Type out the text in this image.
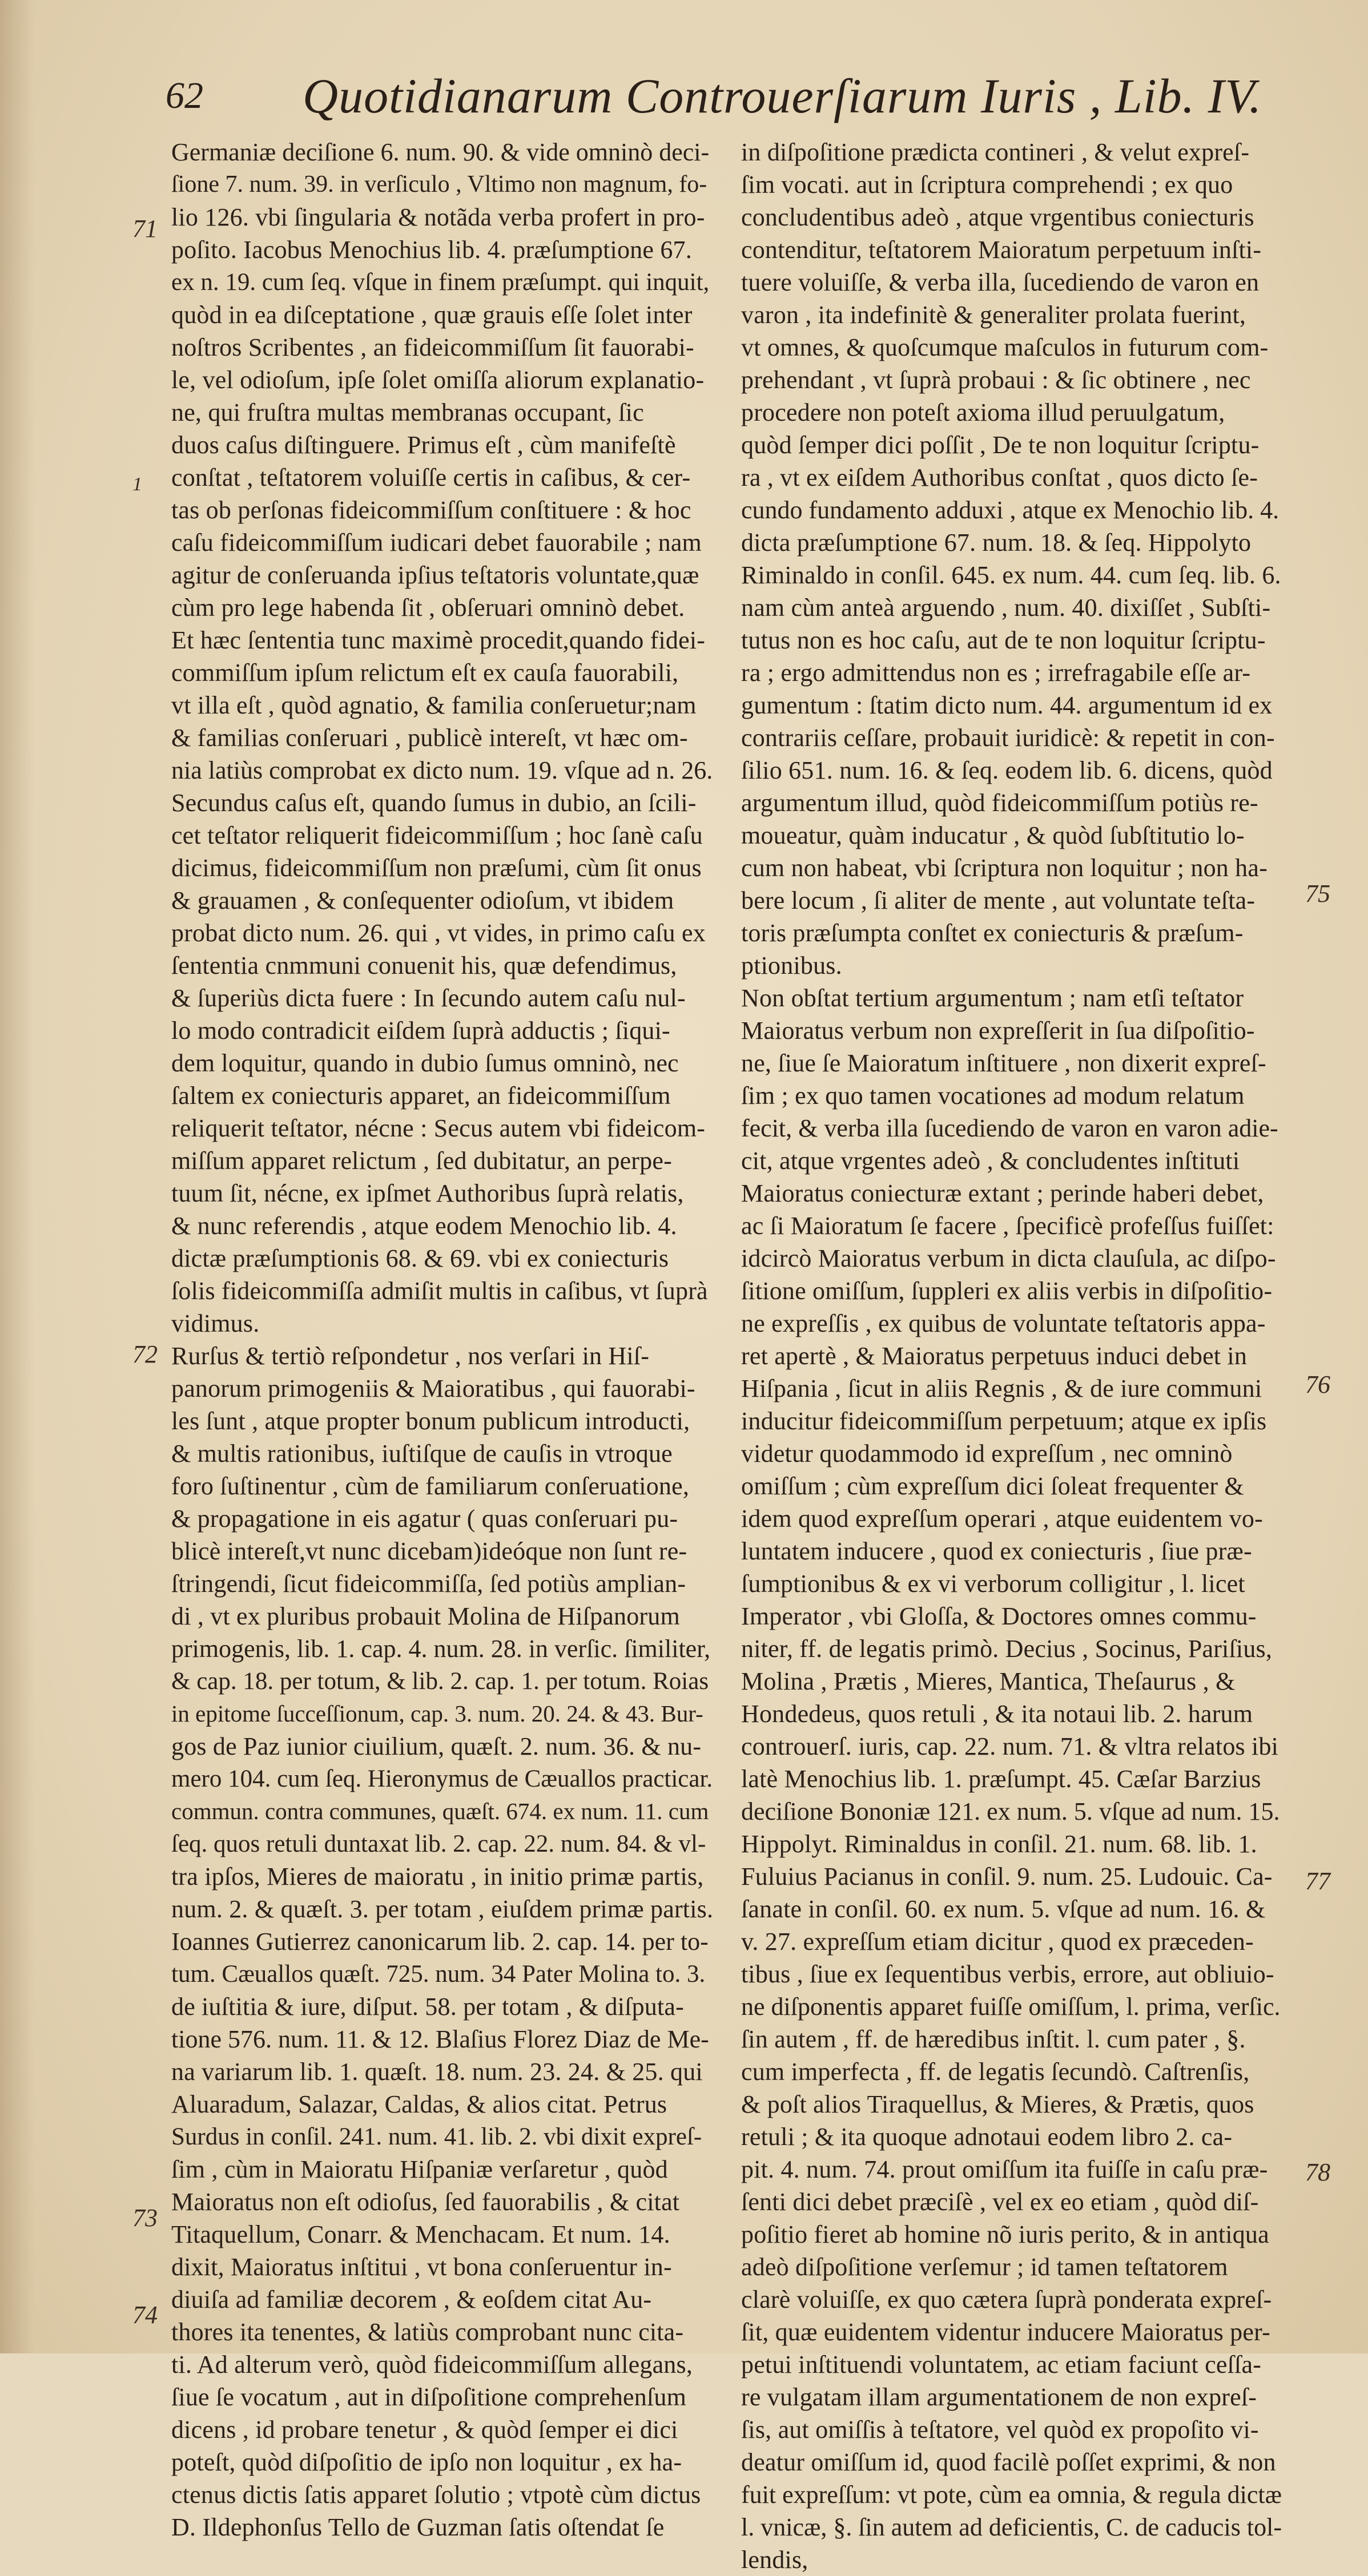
62 Quotidianarum Controuerſiarum Iuris , Lib. IV.
Germaniæ deciſione 6. num. 90. & vide omninò deci-
ſione 7. num. 39. in verſiculo , Vltimo non magnum, fo-
lio 126. vbi ſingularia & notãda verba profert in pro-
poſito. Iacobus Menochius lib. 4. præſumptione 67.
ex n. 19. cum ſeq. vſque in finem præſumpt. qui inquit,
quòd in ea diſceptatione , quæ grauis eſſe ſolet inter
noſtros Scribentes , an fideicommiſſum ſit fauorabi-
le, vel odioſum, ipſe ſolet omiſſa aliorum explanatio-
ne, qui fruſtra multas membranas occupant, ſic
duos caſus diſtinguere. Primus eſt , cùm manifeſtè
conſtat , teſtatorem voluiſſe certis in caſibus, & cer-
tas ob perſonas fideicommiſſum conſtituere : & hoc
caſu fideicommiſſum iudicari debet fauorabile ; nam
agitur de conſeruanda ipſius teſtatoris voluntate,quæ
cùm pro lege habenda ſit , obſeruari omninò debet.
Et hæc ſententia tunc maximè procedit,quando fidei-
commiſſum ipſum relictum eſt ex cauſa fauorabili,
vt illa eſt , quòd agnatio, & familia conſeruetur;nam
& familias conſeruari , publicè intereſt, vt hæc om-
nia latiùs comprobat ex dicto num. 19. vſque ad n. 26.
Secundus caſus eſt, quando ſumus in dubio, an ſcili-
cet teſtator reliquerit fideicommiſſum ; hoc ſanè caſu
dicimus, fideicommiſſum non præſumi, cùm ſit onus
& grauamen , & conſequenter odioſum, vt ibidem
probat dicto num. 26. qui , vt vides, in primo caſu ex
ſententia cnmmuni conuenit his, quæ defendimus,
& ſuperiùs dicta fuere : In ſecundo autem caſu nul-
lo modo contradicit eiſdem ſuprà adductis ; ſiqui-
dem loquitur, quando in dubio ſumus omninò, nec
ſaltem ex coniecturis apparet, an fideicommiſſum
reliquerit teſtator, nécne : Secus autem vbi fideicom-
miſſum apparet relictum , ſed dubitatur, an perpe-
tuum ſit, nécne, ex ipſmet Authoribus ſuprà relatis,
& nunc referendis , atque eodem Menochio lib. 4.
dictæ præſumptionis 68. & 69. vbi ex coniecturis
ſolis fideicommiſſa admiſit multis in caſibus, vt ſuprà
vidimus.
Rurſus & tertiò reſpondetur , nos verſari in Hiſ-
panorum primogeniis & Maioratibus , qui fauorabi-
les ſunt , atque propter bonum publicum introducti,
& multis rationibus, iuſtiſque de cauſis in vtroque
foro ſuſtinentur , cùm de familiarum conſeruatione,
& propagatione in eis agatur ( quas conſeruari pu-
blicè intereſt,vt nunc dicebam)ideóque non ſunt re-
ſtringendi, ſicut fideicommiſſa, ſed potiùs amplian-
di , vt ex pluribus probauit Molina de Hiſpanorum
primogenis, lib. 1. cap. 4. num. 28. in verſic. ſimiliter,
& cap. 18. per totum, & lib. 2. cap. 1. per totum. Roias
in epitome ſucceſſionum, cap. 3. num. 20. 24. & 43. Bur-
gos de Paz iunior ciuilium, quæſt. 2. num. 36. & nu-
mero 104. cum ſeq. Hieronymus de Cæuallos practicar.
commun. contra communes, quæſt. 674. ex num. 11. cum
ſeq. quos retuli duntaxat lib. 2. cap. 22. num. 84. & vl-
tra ipſos, Mieres de maioratu , in initio primæ partis,
num. 2. & quæſt. 3. per totam , eiuſdem primæ partis.
Ioannes Gutierrez canonicarum lib. 2. cap. 14. per to-
tum. Cæuallos quæſt. 725. num. 34 Pater Molina to. 3.
de iuſtitia & iure, diſput. 58. per totam , & diſputa-
tione 576. num. 11. & 12. Blaſius Florez Diaz de Me-
na variarum lib. 1. quæſt. 18. num. 23. 24. & 25. qui
Aluaradum, Salazar, Caldas, & alios citat. Petrus
Surdus in conſil. 241. num. 41. lib. 2. vbi dixit expreſ-
ſim , cùm in Maioratu Hiſpaniæ verſaretur , quòd
Maioratus non eſt odioſus, ſed fauorabilis , & citat
Titaquellum, Conarr. & Menchacam. Et num. 14.
dixit, Maioratus inſtitui , vt bona conſeruentur in-
diuiſa ad familiæ decorem , & eoſdem citat Au-
thores ita tenentes, & latiùs comprobant nunc cita-
ti. Ad alterum verò, quòd fideicommiſſum allegans,
ſiue ſe vocatum , aut in diſpoſitione comprehenſum
dicens , id probare tenetur , & quòd ſemper ei dici
poteſt, quòd diſpoſitio de ipſo non loquitur , ex ha-
ctenus dictis ſatis apparet ſolutio ; vtpotè cùm dictus
D. Ildephonſus Tello de Guzman ſatis oſtendat ſe
in diſpoſitione prædicta contineri , & velut expreſ-
ſim vocati. aut in ſcriptura comprehendi ; ex quo
concludentibus adeò , atque vrgentibus coniecturis
contenditur, teſtatorem Maioratum perpetuum inſti-
tuere voluiſſe, & verba illa, ſucediendo de varon en
varon , ita indefinitè & generaliter prolata fuerint,
vt omnes, & quoſcumque maſculos in futurum com-
prehendant , vt ſuprà probaui : & ſic obtinere , nec
procedere non poteſt axioma illud peruulgatum,
quòd ſemper dici poſſit , De te non loquitur ſcriptu-
ra , vt ex eiſdem Authoribus conſtat , quos dicto ſe-
cundo fundamento adduxi , atque ex Menochio lib. 4.
dicta præſumptione 67. num. 18. & ſeq. Hippolyto
Riminaldo in conſil. 645. ex num. 44. cum ſeq. lib. 6.
nam cùm anteà arguendo , num. 40. dixiſſet , Subſti-
tutus non es hoc caſu, aut de te non loquitur ſcriptu-
ra ; ergo admittendus non es ; irrefragabile eſſe ar-
gumentum : ſtatim dicto num. 44. argumentum id ex
contrariis ceſſare, probauit iuridicè: & repetit in con-
ſilio 651. num. 16. & ſeq. eodem lib. 6. dicens, quòd
argumentum illud, quòd fideicommiſſum potiùs re-
moueatur, quàm inducatur , & quòd ſubſtitutio lo-
cum non habeat, vbi ſcriptura non loquitur ; non ha-
bere locum , ſi aliter de mente , aut voluntate teſta-
toris præſumpta conſtet ex coniecturis & præſum-
ptionibus.
Non obſtat tertium argumentum ; nam etſi teſtator
Maioratus verbum non expreſſerit in ſua diſpoſitio-
ne, ſiue ſe Maioratum inſtituere , non dixerit expreſ-
ſim ; ex quo tamen vocationes ad modum relatum
fecit, & verba illa ſucediendo de varon en varon adie-
cit, atque vrgentes adeò , & concludentes inſtituti
Maioratus coniecturæ extant ; perinde haberi debet,
ac ſi Maioratum ſe facere , ſpecificè profeſſus fuiſſet:
idcircò Maioratus verbum in dicta clauſula, ac diſpo-
ſitione omiſſum, ſuppleri ex aliis verbis in diſpoſitio-
ne expreſſis , ex quibus de voluntate teſtatoris appa-
ret apertè , & Maioratus perpetuus induci debet in
Hiſpania , ſicut in aliis Regnis , & de iure communi
inducitur fideicommiſſum perpetuum; atque ex ipſis
videtur quodammodo id expreſſum , nec omninò
omiſſum ; cùm expreſſum dici ſoleat frequenter &
idem quod expreſſum operari , atque euidentem vo-
luntatem inducere , quod ex coniecturis , ſiue præ-
ſumptionibus & ex vi verborum colligitur , l. licet
Imperator , vbi Gloſſa, & Doctores omnes commu-
niter, ff. de legatis primò. Decius , Socinus, Pariſius,
Molina , Prætis , Mieres, Mantica, Theſaurus , &
Hondedeus, quos retuli , & ita notaui lib. 2. harum
controuerſ. iuris, cap. 22. num. 71. & vltra relatos ibi
latè Menochius lib. 1. præſumpt. 45. Cæſar Barzius
deciſione Bononiæ 121. ex num. 5. vſque ad num. 15.
Hippolyt. Riminaldus in conſil. 21. num. 68. lib. 1.
Fuluius Pacianus in conſil. 9. num. 25. Ludouic. Ca-
ſanate in conſil. 60. ex num. 5. vſque ad num. 16. &
v. 27. expreſſum etiam dicitur , quod ex præceden-
tibus , ſiue ex ſequentibus verbis, errore, aut obliuio-
ne diſponentis apparet fuiſſe omiſſum, l. prima, verſic.
ſin autem , ff. de hæredibus inſtit. l. cum pater , §.
cum imperfecta , ff. de legatis ſecundò. Caſtrenſis,
& poſt alios Tiraquellus, & Mieres, & Prætis, quos
retuli ; & ita quoque adnotaui eodem libro 2. ca-
pit. 4. num. 74. prout omiſſum ita fuiſſe in caſu præ-
ſenti dici debet præciſè , vel ex eo etiam , quòd diſ-
poſitio fieret ab homine nõ iuris perito, & in antiqua
adeò diſpoſitione verſemur ; id tamen teſtatorem
clarè voluiſſe, ex quo cætera ſuprà ponderata expreſ-
ſit, quæ euidentem videntur inducere Maioratus per-
petui inſtituendi voluntatem, ac etiam faciunt ceſſa-
re vulgatam illam argumentationem de non expreſ-
ſis, aut omiſſis à teſtatore, vel quòd ex propoſito vi-
deatur omiſſum id, quod facilè poſſet exprimi, & non
fuit expreſſum: vt pote, cùm ea omnia, & regula dictæ
l. vnicæ, §. ſin autem ad deficientis, C. de caducis tol-
lendis,
71
1
72
73
74
75
76
77
78
